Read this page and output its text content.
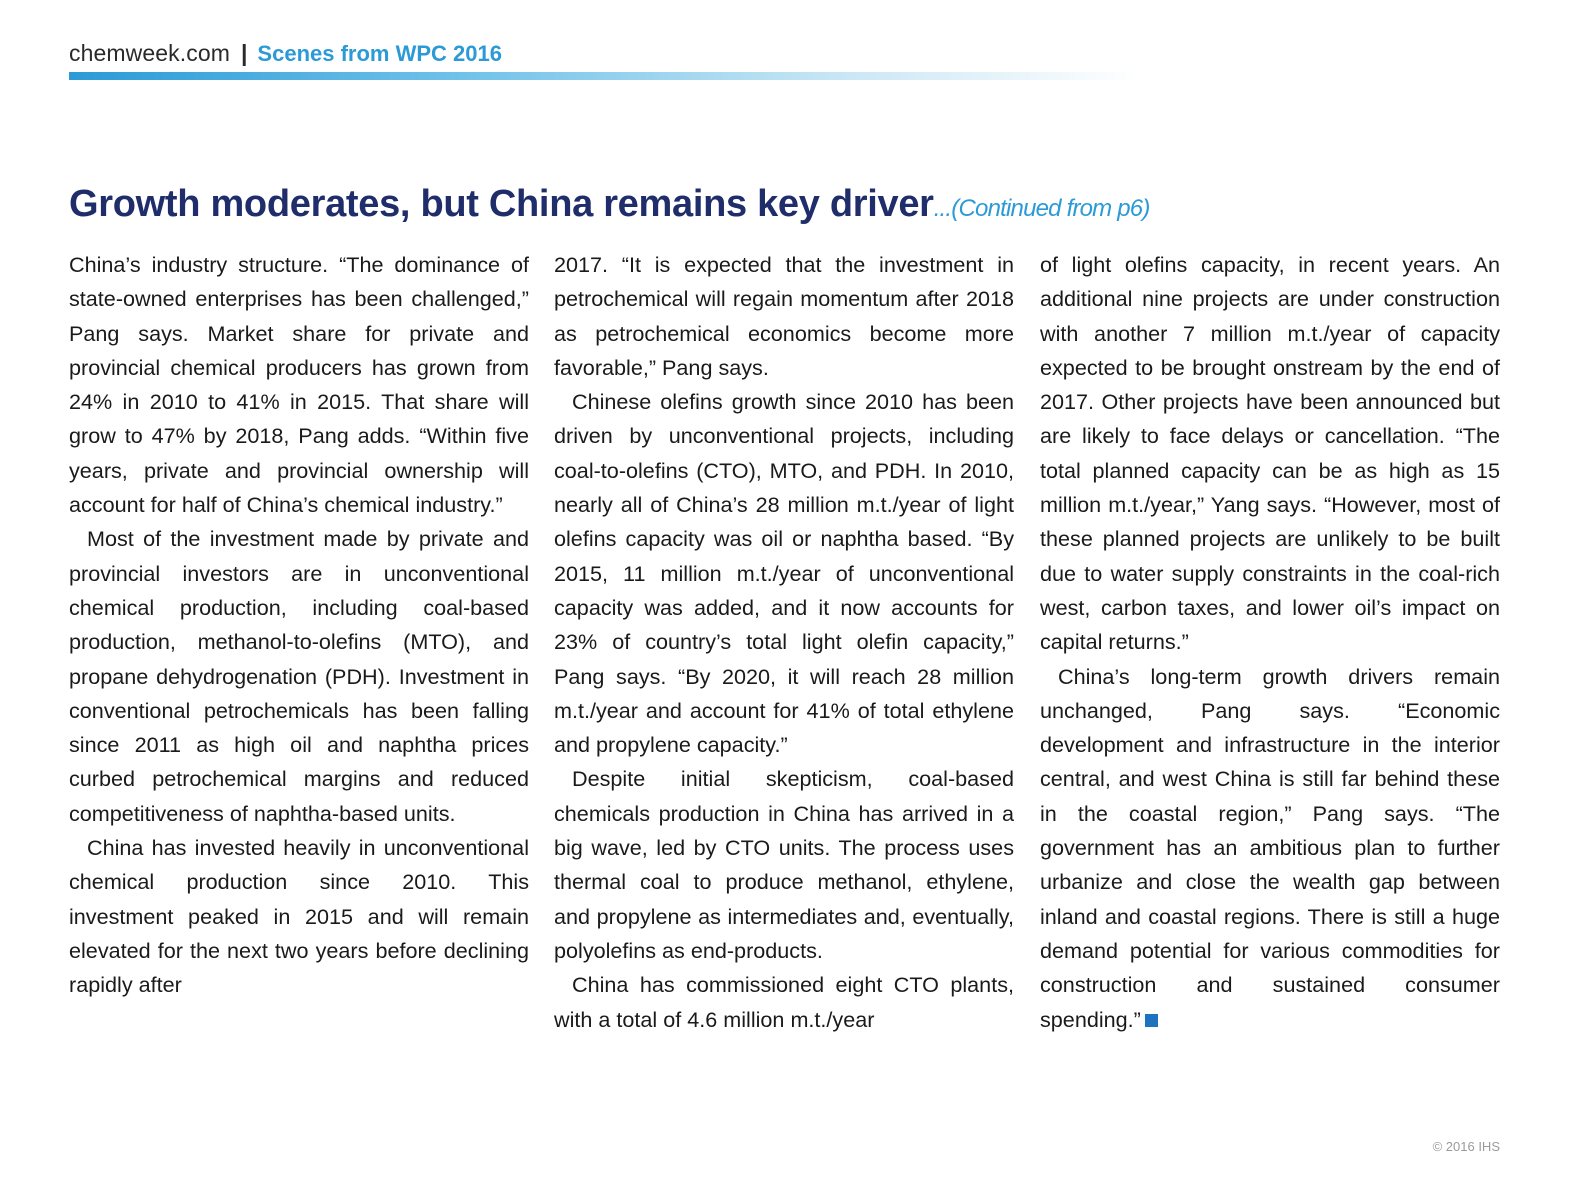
chemweek.com | Scenes from WPC 2016
Growth moderates, but China remains key driver...(Continued from p6)

China’s industry structure. “The dominance of state-owned enterprises has been challenged,” Pang says. Market share for private and provincial chemical producers has grown from 24% in 2010 to 41% in 2015. That share will grow to 47% by 2018, Pang adds. “Within five years, private and provincial ownership will account for half of China’s chemical industry.”

Most of the investment made by private and provincial investors are in unconventional chemical production, including coal-based production, methanol-to-olefins (MTO), and propane dehydrogenation (PDH). Investment in conventional petrochemicals has been falling since 2011 as high oil and naphtha prices curbed petrochemical margins and reduced competitiveness of naphtha-based units.

China has invested heavily in unconventional chemical production since 2010. This investment peaked in 2015 and will remain elevated for the next two years before declining rapidly after

2017. “It is expected that the investment in petrochemical will regain momentum after 2018 as petrochemical economics become more favorable,” Pang says.

Chinese olefins growth since 2010 has been driven by unconventional projects, including coal-to-olefins (CTO), MTO, and PDH. In 2010, nearly all of China’s 28 million m.t./year of light olefins capacity was oil or naphtha based. “By 2015, 11 million m.t./year of unconventional capacity was added, and it now accounts for 23% of country’s total light olefin capacity,” Pang says. “By 2020, it will reach 28 million m.t./year and account for 41% of total ethylene and propylene capacity.”

Despite initial skepticism, coal-based chemicals production in China has arrived in a big wave, led by CTO units. The process uses thermal coal to produce methanol, ethylene, and propylene as intermediates and, eventually, polyolefins as end-products.

China has commissioned eight CTO plants, with a total of 4.6 million m.t./year

of light olefins capacity, in recent years. An additional nine projects are under construction with another 7 million m.t./year of capacity expected to be brought onstream by the end of 2017. Other projects have been announced but are likely to face delays or cancellation. “The total planned capacity can be as high as 15 million m.t./year,” Yang says. “However, most of these planned projects are unlikely to be built due to water supply constraints in the coal-rich west, carbon taxes, and lower oil’s impact on capital returns.”

China’s long-term growth drivers remain unchanged, Pang says. “Economic development and infrastructure in the interior central, and west China is still far behind these in the coastal region,” Pang says. “The government has an ambitious plan to further urbanize and close the wealth gap between inland and coastal regions. There is still a huge demand potential for various commodities for construction and sustained consumer spending.”

© 2016 IHS
